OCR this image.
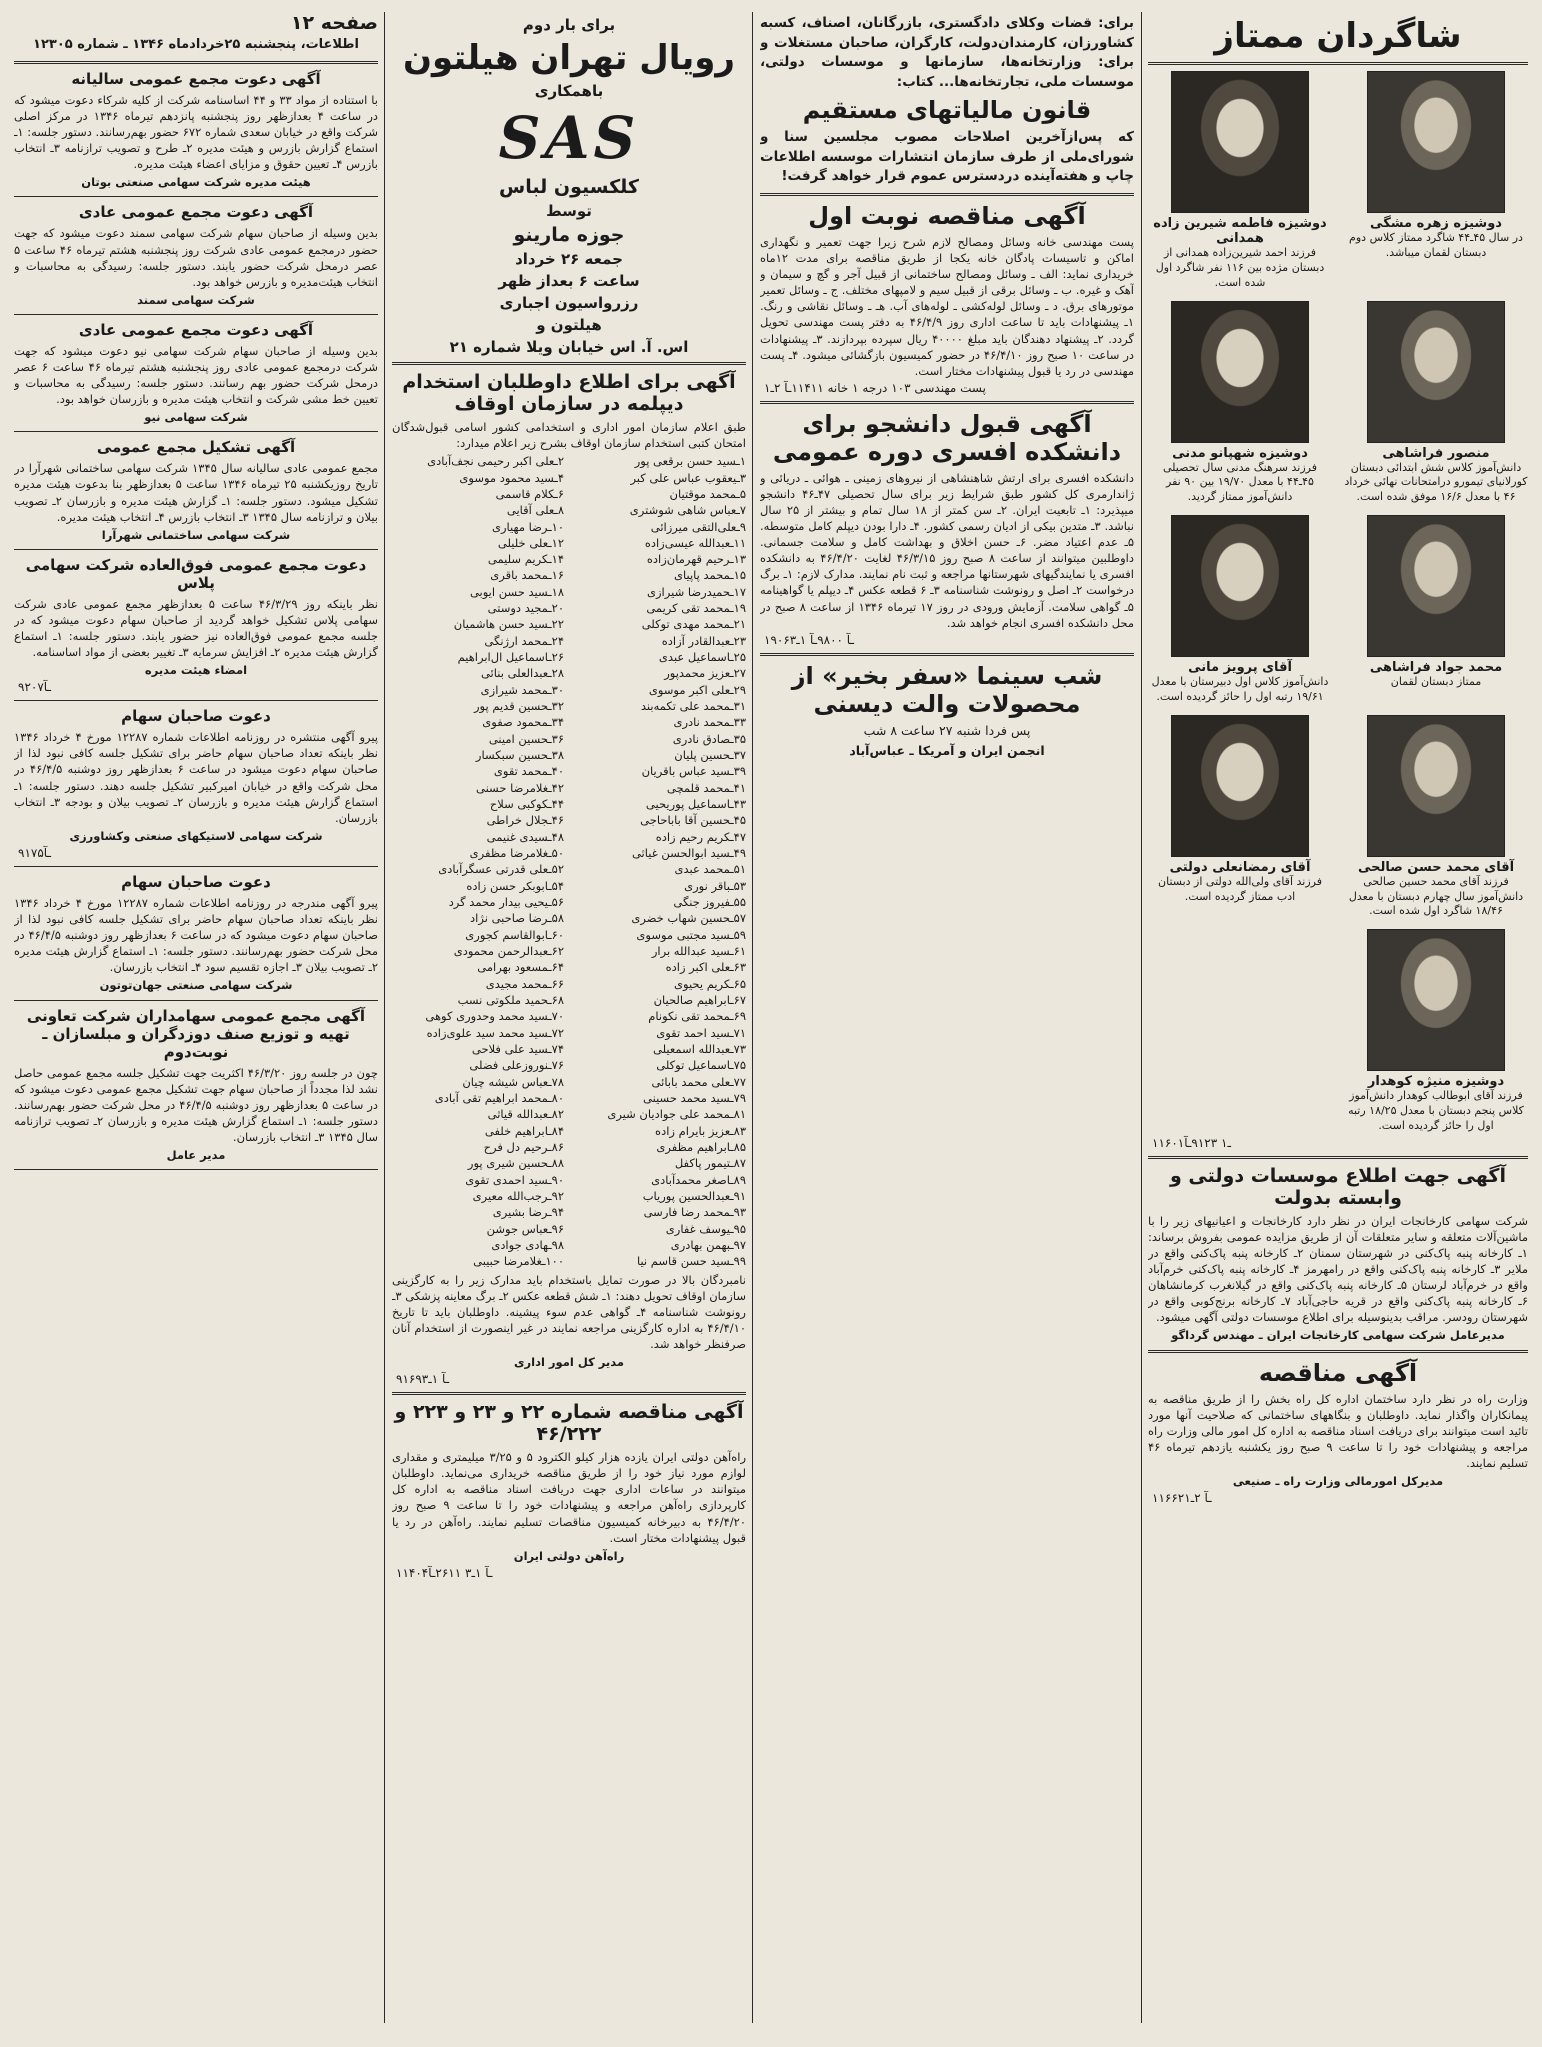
شاگردان ممتاز
دوشیزه زهره مشگی
در سال ۴۵ـ۴۴ شاگرد ممتاز کلاس دوم دبستان لقمان میباشد.
دوشیزه فاطمه شیرین زاده همدانی
فرزند احمد شیرین‌زاده همدانی از دبستان مژده بین ۱۱۶ نفر شاگرد اول شده است.
منصور فراشاهی
دانش‌آموز کلاس شش ابتدائی دبستان کورلانیای تیمورو درامتحانات نهائی خرداد ۴۶ با معدل ۱۶/۶ موفق شده است.
دوشیزه شهپانو مدنی
فرزند سرهنگ مدنی سال تحصیلی ۴۵ـ۴۴ با معدل ۱۹/۷۰ بین ۹۰ نفر دانش‌آموز ممتاز گردید.
محمد جواد فراشاهی
ممتاز دبستان لقمان
آقای پرویز مانی
دانش‌آموز کلاس اول دبیرستان با معدل ۱۹/۶۱ رتبه اول را حائز گردیده است.
آقای محمد حسن صالحی
فرزند آقای محمد حسین صالحی دانش‌آموز سال چهارم دبستان با معدل ۱۸/۴۶ شاگرد اول شده است.
آقای رمضانعلی دولتی
فرزند آقای ولی‌الله دولتی از دبستان ادب ممتاز گردیده است.
دوشیزه منیژه کوهدار
فرزند آقای ابوطالب کوهدار دانش‌آموز کلاس پنجم دبستان با معدل ۱۸/۲۵ رتبه اول را حائز گردیده است.
۱۱۶۰۱ـ۱ ۹۱۲۳ـآ
آگهی جهت اطلاع موسسات دولتی و وابسته بدولت
شرکت سهامی کارخانجات ایران در نظر دارد کارخانجات و اعیانیهای زیر را با ماشین‌آلات متعلقه و سایر متعلقات آن از طریق مزایده عمومی بفروش برساند: ۱ـ کارخانه پنبه پاک‌کنی در شهرستان سمنان ۲ـ کارخانه پنبه پاک‌کنی واقع در ملایر ۳ـ کارخانه پنبه پاک‌کنی واقع در رامهرمز ۴ـ کارخانه پنبه پاک‌کنی خرم‌آباد واقع در خرم‌آباد لرستان ۵ـ کارخانه پنبه پاک‌کنی واقع در گیلانغرب کرمانشاهان ۶ـ کارخانه پنبه پاک‌کنی واقع در قریه حاجی‌آباد ۷ـ کارخانه برنج‌کوبی واقع در شهرستان رودسر. مراقب بدینوسیله برای اطلاع موسسات دولتی آگهی میشود.
مدیرعامل شرکت سهامی کارخانجات ایران ـ مهندس گرداگو
آگهی مناقصه
وزارت راه در نظر دارد ساختمان اداره کل راه بخش را از طریق مناقصه به پیمانکاران واگذار نماید. داوطلبان و بنگاههای ساختمانی که صلاحیت آنها مورد تائید است میتوانند برای دریافت اسناد مناقصه به اداره کل امور مالی وزارت راه مراجعه و پیشنهادات خود را تا ساعت ۹ صبح روز یکشنبه یازدهم تیرماه ۴۶ تسلیم نمایند.
مدیرکل امورمالی وزارت راه ـ صنیعی
۱۱۶۶۲ـآ ۲ـ۱
برای: قضات وکلای دادگستری، بازرگانان، اصناف، کسبه کشاورزان، کارمندان‌دولت، کارگران، صاحبان مستغلات و برای: وزارتخانه‌ها، سازمانها و موسسات دولتی، موسسات ملی، تجارتخانه‌ها... کتاب:
قانون مالیاتهای مستقیم
که پس‌ازآخرین اصلاحات مصوب مجلسین سنا و شورای‌ملی از طرف سازمان انتشارات موسسه اطلاعات چاپ و هفته‌آینده دردسترس عموم قرار خواهد گرفت!
آگهی مناقصه نوبت اول
پست مهندسی خانه وسائل ومصالح لازم شرح زیرا جهت تعمیر و نگهداری اماکن و تاسیسات پادگان خانه یکجا از طریق مناقصه برای مدت ۱۲ماه خریداری نماید: الف ـ وسائل ومصالح ساختمانی از قبیل آجر و گچ و سیمان و آهک و غیره. ب ـ وسائل برقی از قبیل سیم و لامپهای مختلف. ج ـ وسائل تعمیر موتورهای برق. د ـ وسائل لوله‌کشی ـ لوله‌های آب. هـ ـ وسائل نقاشی و رنگ. ۱ـ پیشنهادات باید تا ساعت اداری روز ۴۶/۴/۹ به دفتر پست مهندسی تحویل گردد. ۲ـ پیشنهاد دهندگان باید مبلغ ۴۰۰۰۰ ریال سپرده بپردازند. ۳ـ پیشنهادات در ساعت ۱۰ صبح روز ۴۶/۴/۱۰ در حضور کمیسیون بازگشائی میشود. ۴ـ پست مهندسی در رد یا قبول پیشنهادات مختار است.
پست مهندسی ۱۰۳ درجه ۱ خانه ۱۱۴۱۱ـآ ۲ـ۱
آگهی قبول دانشجو برای دانشکده افسری دوره عمومی
دانشکده افسری برای ارتش شاهنشاهی از نیروهای زمینی ـ هوائی ـ دریائی و ژاندارمری کل کشور طبق شرایط زیر برای سال تحصیلی ۴۷ـ۴۶ دانشجو میپذیرد: ۱ـ تابعیت ایران. ۲ـ سن کمتر از ۱۸ سال تمام و بیشتر از ۲۵ سال نباشد. ۳ـ متدین بیکی از ادیان رسمی کشور. ۴ـ دارا بودن دیپلم کامل متوسطه. ۵ـ عدم اعتیاد مضر. ۶ـ حسن اخلاق و بهداشت کامل و سلامت جسمانی. داوطلبین میتوانند از ساعت ۸ صبح روز ۴۶/۳/۱۵ لغایت ۴۶/۴/۲۰ به دانشکده افسری یا نمایندگیهای شهرستانها مراجعه و ثبت نام نمایند. مدارک لازم: ۱ـ برگ درخواست ۲ـ اصل و رونوشت شناسنامه ۳ـ ۶ قطعه عکس ۴ـ دیپلم یا گواهینامه ۵ـ گواهی سلامت. آزمایش ورودی در روز ۱۷ تیرماه ۱۳۴۶ از ساعت ۸ صبح در محل دانشکده افسری انجام خواهد شد.
۱۹۰۶ـآ ۹۸۰۰ـآ ۱ـ۳
شب سینما «سفر بخیر» از محصولات والت دیسنی
پس فردا شنبه ۲۷ ساعت ۸ شب
انجمن ایران و آمریکا ـ عباس‌آباد
برای بار دوم
رویال تهران هیلتون
باهمکاری
SAS
کلکسیون لباس
توسط
جوزه مارینو
جمعه ۲۶ خرداد
ساعت ۶ بعداز ظهر
رزرواسیون اجباری
هیلتون و
اس. آ. اس خیابان ویلا شماره ۲۱
آگهی برای اطلاع داوطلبان استخدام دیپلمه در سازمان اوقاف
طبق اعلام سازمان امور اداری و استخدامی کشور اسامی قبول‌شدگان امتحان کتبی استخدام سازمان اوقاف بشرح زیر اعلام میدارد:
۱ـسید حسن برقعی پور
۲ـعلی اکبر رحیمی نجف‌آبادی
۳ـیعقوب عباس علی کبر
۴ـسید محمود موسوی
۵ـمحمد موقتیان
۶ـکلام قاسمی
۷ـعباس شاهی شوشتری
۸ـعلی آقایی
۹ـعلی‌التقی میرزائی
۱۰ـرضا مهیاری
۱۱ـعبدالله عیسی‌زاده
۱۲ـعلی خلیلی
۱۳ـرحیم قهرمان‌زاده
۱۴ـکریم سلیمی
۱۵ـمحمد پاپیای
۱۶ـمحمد باقری
۱۷ـحمیدرضا شیرازی
۱۸ـسید حسن ایوبی
۱۹ـمحمد تقی کریمی
۲۰ـمجید دوستی
۲۱ـمحمد مهدی توکلی
۲۲ـسید حسن هاشمیان
۲۳ـعبدالقادر آزاده
۲۴ـمحمد ارژنگی
۲۵ـاسماعیل عبدی
۲۶ـاسماعیل ال‌ابراهیم
۲۷ـعزیز محمدپور
۲۸ـعبدالعلی بنائی
۲۹ـعلی اکبر موسوی
۳۰ـمحمد شیرازی
۳۱ـمحمد علی تکمه‌بند
۳۲ـحسین قدیم پور
۳۳ـمحمد نادری
۳۴ـمحمود صفوی
۳۵ـصادق نادری
۳۶ـحسین امینی
۳۷ـحسین پلیان
۳۸ـحسین سبکسار
۳۹ـسید عباس باقریان
۴۰ـمحمد تقوی
۴۱ـمحمد قلمچی
۴۲ـغلامرضا حسنی
۴۳ـاسماعیل پوریحیی
۴۴ـکوکبی سلاح
۴۵ـحسین آقا باباحاجی
۴۶ـجلال خراطی
۴۷ـکریم رحیم زاده
۴۸ـسیدی غنیمی
۴۹ـسید ابوالحسن غیاثی
۵۰ـغلامرضا مظفری
۵۱ـمحمد عبدی
۵۲ـعلی قدرتی عسگرآبادی
۵۳ـباقر نوری
۵۴ـابوبکر حسن زاده
۵۵ـفیروز جنگی
۵۶ـیحیی بیدار محمد گرد
۵۷ـحسین شهاب خضری
۵۸ـرضا صاحبی نژاد
۵۹ـسید مجتبی موسوی
۶۰ـابوالقاسم کجوری
۶۱ـسید عبدالله برار
۶۲ـعبدالرحمن محمودی
۶۳ـعلی اکبر زاده
۶۴ـمسعود بهرامی
۶۵ـکریم یحیوی
۶۶ـمحمد مجیدی
۶۷ـابراهیم صالحیان
۶۸ـحمید ملکوتی نسب
۶۹ـمحمد تقی نکونام
۷۰ـسید محمد وحدوری کوهی
۷۱ـسید احمد تقوی
۷۲ـسید محمد سید علوی‌زاده
۷۳ـعبدالله اسمعیلی
۷۴ـسید علی فلاحی
۷۵ـاسماعیل توکلی
۷۶ـنوروزعلی فضلی
۷۷ـعلی محمد بابائی
۷۸ـعباس شیشه چیان
۷۹ـسید محمد حسینی
۸۰ـمحمد ابراهیم تقی آبادی
۸۱ـمحمد علی جوادیان شیری
۸۲ـعبدالله قیاثی
۸۳ـعزیز بایرام زاده
۸۴ـابراهیم خلفی
۸۵ـابراهیم مظفری
۸۶ـرحیم دل فرح
۸۷ـتیمور پاکفل
۸۸ـحسین شیری پور
۸۹ـاصغر محمدآبادی
۹۰ـسید احمدی تقوی
۹۱ـعبدالحسین پوریاب
۹۲ـرجب‌الله معیری
۹۳ـمحمد رضا فارسی
۹۴ـرضا بشیری
۹۵ـیوسف غفاری
۹۶ـعباس جوشن
۹۷ـبهمن بهادری
۹۸ـهادی جوادی
۹۹ـسید حسن قاسم نیا
۱۰۰ـغلامرضا حبیبی
نامبردگان بالا در صورت تمایل باستخدام باید مدارک زیر را به کارگزینی سازمان اوقاف تحویل دهند: ۱ـ شش قطعه عکس ۲ـ برگ معاینه پزشکی ۳ـ رونوشت شناسنامه ۴ـ گواهی عدم سوء پیشینه. داوطلبان باید تا تاریخ ۴۶/۴/۱۰ به اداره کارگزینی مراجعه نمایند در غیر اینصورت از استخدام آنان صرفنظر خواهد شد.
مدیر کل امور اداری
۹۱۶۹ـآ ۱ـ۳
آگهی مناقصه شماره ۲۲ و ۲۳ و ۲۲۳ و ۴۶/۲۲۲
راه‌آهن دولتی ایران یازده هزار کیلو الکترود ۵ و ۳/۲۵ میلیمتری و مقداری لوازم مورد نیاز خود را از طریق مناقصه خریداری می‌نماید. داوطلبان میتوانند در ساعات اداری جهت دریافت اسناد مناقصه به اداره کل کارپردازی راه‌آهن مراجعه و پیشنهادات خود را تا ساعت ۹ صبح روز ۴۶/۴/۲۰ به دبیرخانه کمیسیون مناقصات تسلیم نمایند. راه‌آهن در رد یا قبول پیشنهادات مختار است.
راه‌آهن دولتی ایران
۱۱۴۰۴ـآ ۱ـ۳ ۲۶۱۱ـآ
صفحه ۱۲
اطلاعات، پنجشنبه ۲۵خردادماه ۱۳۴۶ ـ شماره ۱۲۳۰۵
آگهی دعوت مجمع عمومی سالیانه
با استناده از مواد ۳۳ و ۴۴ اساسنامه شرکت از کلیه شرکاء دعوت میشود که در ساعت ۴ بعدازظهر روز پنجشنبه پانزدهم تیرماه ۱۳۴۶ در مرکز اصلی شرکت واقع در خیابان سعدی شماره ۶۷۲ حضور بهم‌رسانند. دستور جلسه: ۱ـ استماع گزارش بازرس و هیئت مدیره ۲ـ طرح و تصویب ترازنامه ۳ـ انتخاب بازرس ۴ـ تعیین حقوق و مزایای اعضاء هیئت مدیره.
هیئت مدیره شرکت سهامی صنعتی بوتان
آگهی دعوت مجمع عمومی عادی
بدین وسیله از صاحبان سهام شرکت سهامی سمند دعوت میشود که جهت حضور درمجمع عمومی عادی شرکت روز پنجشنبه هشتم تیرماه ۴۶ ساعت ۵ عصر درمحل شرکت حضور یابند. دستور جلسه: رسیدگی به محاسبات و انتخاب هیئت‌مدیره و بازرس خواهد بود.
شرکت سهامی سمند
آگهی دعوت مجمع عمومی عادی
بدین وسیله از صاحبان سهام شرکت سهامی نیو دعوت میشود که جهت شرکت درمجمع عمومی عادی روز پنجشنبه هشتم تیرماه ۴۶ ساعت ۶ عصر درمحل شرکت حضور بهم رسانند. دستور جلسه: رسیدگی به محاسبات و تعیین خط مشی شرکت و انتخاب هیئت مدیره و بازرسان خواهد بود.
شرکت سهامی نیو
آگهی تشکیل مجمع عمومی
مجمع عمومی عادی سالیانه سال ۱۳۴۵ شرکت سهامی ساختمانی شهرآرا در تاریخ روزیکشنبه ۲۵ تیرماه ۱۳۴۶ ساعت ۵ بعدازظهر بنا بدعوت هیئت مدیره تشکیل میشود. دستور جلسه: ۱ـ گزارش هیئت مدیره و بازرسان ۲ـ تصویب بیلان و ترازنامه سال ۱۳۴۵ ۳ـ انتخاب بازرس ۴ـ انتخاب هیئت مدیره.
شرکت سهامی ساختمانی شهرآرا
دعوت مجمع عمومی فوق‌العاده شرکت سهامی پلاس
نظر باینکه روز ۴۶/۳/۲۹ ساعت ۵ بعدازظهر مجمع عمومی عادی شرکت سهامی پلاس تشکیل خواهد گردید از صاحبان سهام دعوت میشود که در جلسه مجمع عمومی فوق‌العاده نیز حضور یابند. دستور جلسه: ۱ـ استماع گزارش هیئت مدیره ۲ـ افزایش سرمایه ۳ـ تغییر بعضی از مواد اساسنامه.
امضاء هیئت مدیره
۹۲۰۷ـآ
دعوت صاحبان سهام
پیرو آگهی منتشره در روزنامه اطلاعات شماره ۱۲۲۸۷ مورخ ۴ خرداد ۱۳۴۶ نظر باینکه تعداد صاحبان سهام حاضر برای تشکیل جلسه کافی نبود لذا از صاحبان سهام دعوت میشود در ساعت ۶ بعدازظهر روز دوشنبه ۴۶/۴/۵ در محل شرکت واقع در خیابان امیرکبیر تشکیل جلسه دهند. دستور جلسه: ۱ـ استماع گزارش هیئت مدیره و بازرسان ۲ـ تصویب بیلان و بودجه ۳ـ انتخاب بازرسان.
شرکت سهامی لاستیکهای صنعتی وکشاورزی
۹۱۷۵ـآ
دعوت صاحبان سهام
پیرو آگهی مندرجه در روزنامه اطلاعات شماره ۱۲۲۸۷ مورخ ۴ خرداد ۱۳۴۶ نظر باینکه تعداد صاحبان سهام حاضر برای تشکیل جلسه کافی نبود لذا از صاحبان سهام دعوت میشود که در ساعت ۶ بعدازظهر روز دوشنبه ۴۶/۴/۵ در محل شرکت حضور بهم‌رسانند. دستور جلسه: ۱ـ استماع گزارش هیئت مدیره ۲ـ تصویب بیلان ۳ـ اجازه تقسیم سود ۴ـ انتخاب بازرسان.
شرکت سهامی صنعتی جهان‌توتون
آگهی مجمع عمومی سهامداران شرکت تعاونی تهیه و توزیع صنف دوزدگران و مبلسازان ـ نوبت‌دوم
چون در جلسه روز ۴۶/۳/۲۰ اکثریت جهت تشکیل جلسه مجمع عمومی حاصل نشد لذا مجدداً از صاحبان سهام جهت تشکیل مجمع عمومی دعوت میشود که در ساعت ۵ بعدازظهر روز دوشنبه ۴۶/۴/۵ در محل شرکت حضور بهم‌رسانند. دستور جلسه: ۱ـ استماع گزارش هیئت مدیره و بازرسان ۲ـ تصویب ترازنامه سال ۱۳۴۵ ۳ـ انتخاب بازرسان.
مدیر عامل
